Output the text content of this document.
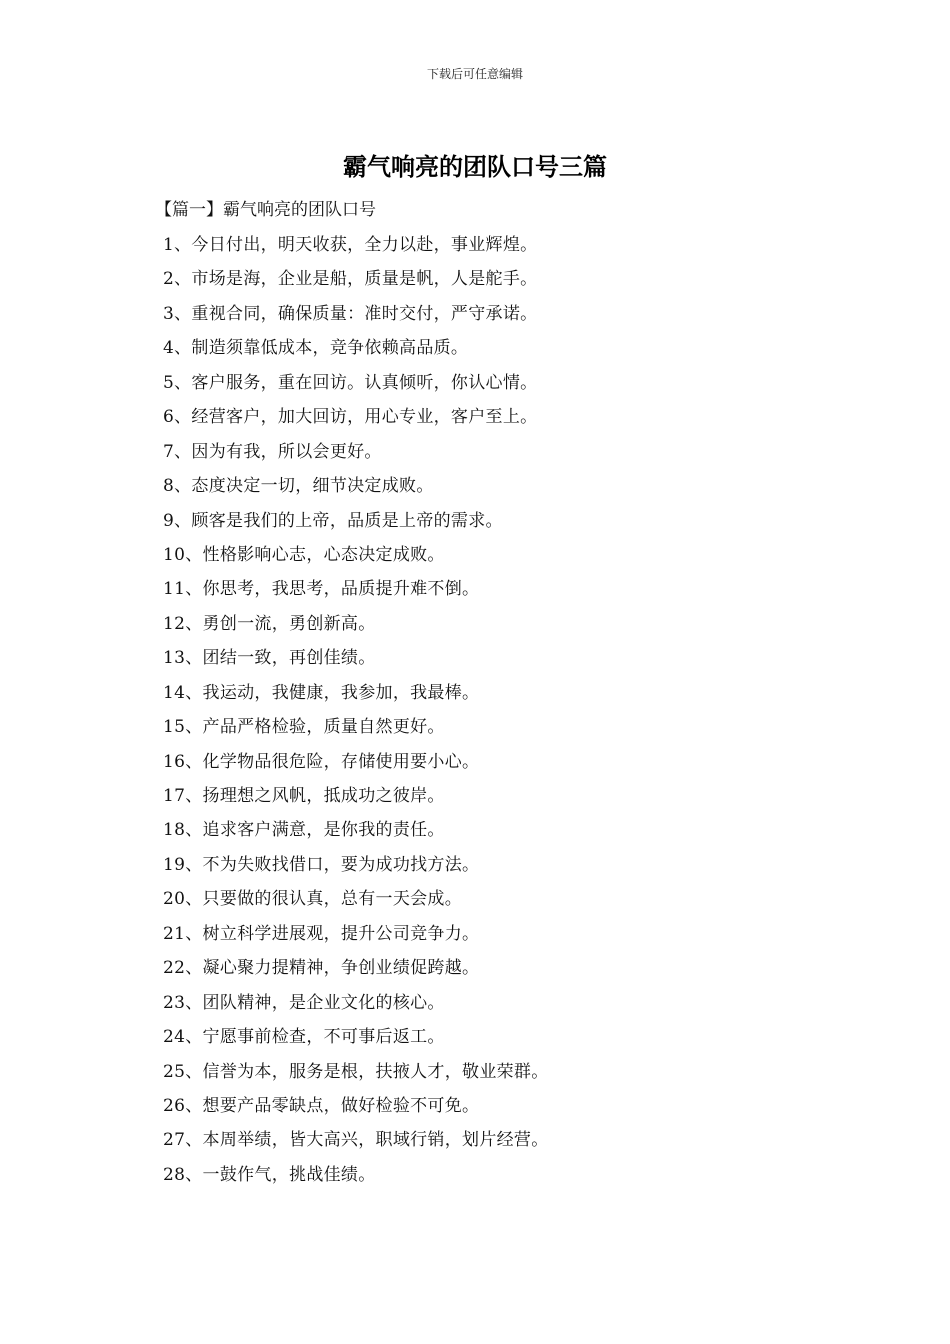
下载后可任意编辑
霸气响亮的团队口号三篇
【篇一】霸气响亮的团队口号
1、今日付出，明天收获，全力以赴，事业辉煌。
2、市场是海，企业是船，质量是帆，人是舵手。
3、重视合同，确保质量：准时交付，严守承诺。
4、制造须靠低成本，竞争依赖高品质。
5、客户服务，重在回访。认真倾听，你认心情。
6、经营客户，加大回访，用心专业，客户至上。
7、因为有我，所以会更好。
8、态度决定一切，细节决定成败。
9、顾客是我们的上帝，品质是上帝的需求。
10、性格影响心志，心态决定成败。
11、你思考，我思考，品质提升难不倒。
12、勇创一流，勇创新高。
13、团结一致，再创佳绩。
14、我运动，我健康，我参加，我最棒。
15、产品严格检验，质量自然更好。
16、化学物品很危险，存储使用要小心。
17、扬理想之风帆，抵成功之彼岸。
18、追求客户满意，是你我的责任。
19、不为失败找借口，要为成功找方法。
20、只要做的很认真，总有一天会成。
21、树立科学进展观，提升公司竞争力。
22、凝心聚力提精神，争创业绩促跨越。
23、团队精神，是企业文化的核心。
24、宁愿事前检查，不可事后返工。
25、信誉为本，服务是根，扶掖人才，敬业荣群。
26、想要产品零缺点，做好检验不可免。
27、本周举绩，皆大高兴，职域行销，划片经营。
28、一鼓作气，挑战佳绩。
